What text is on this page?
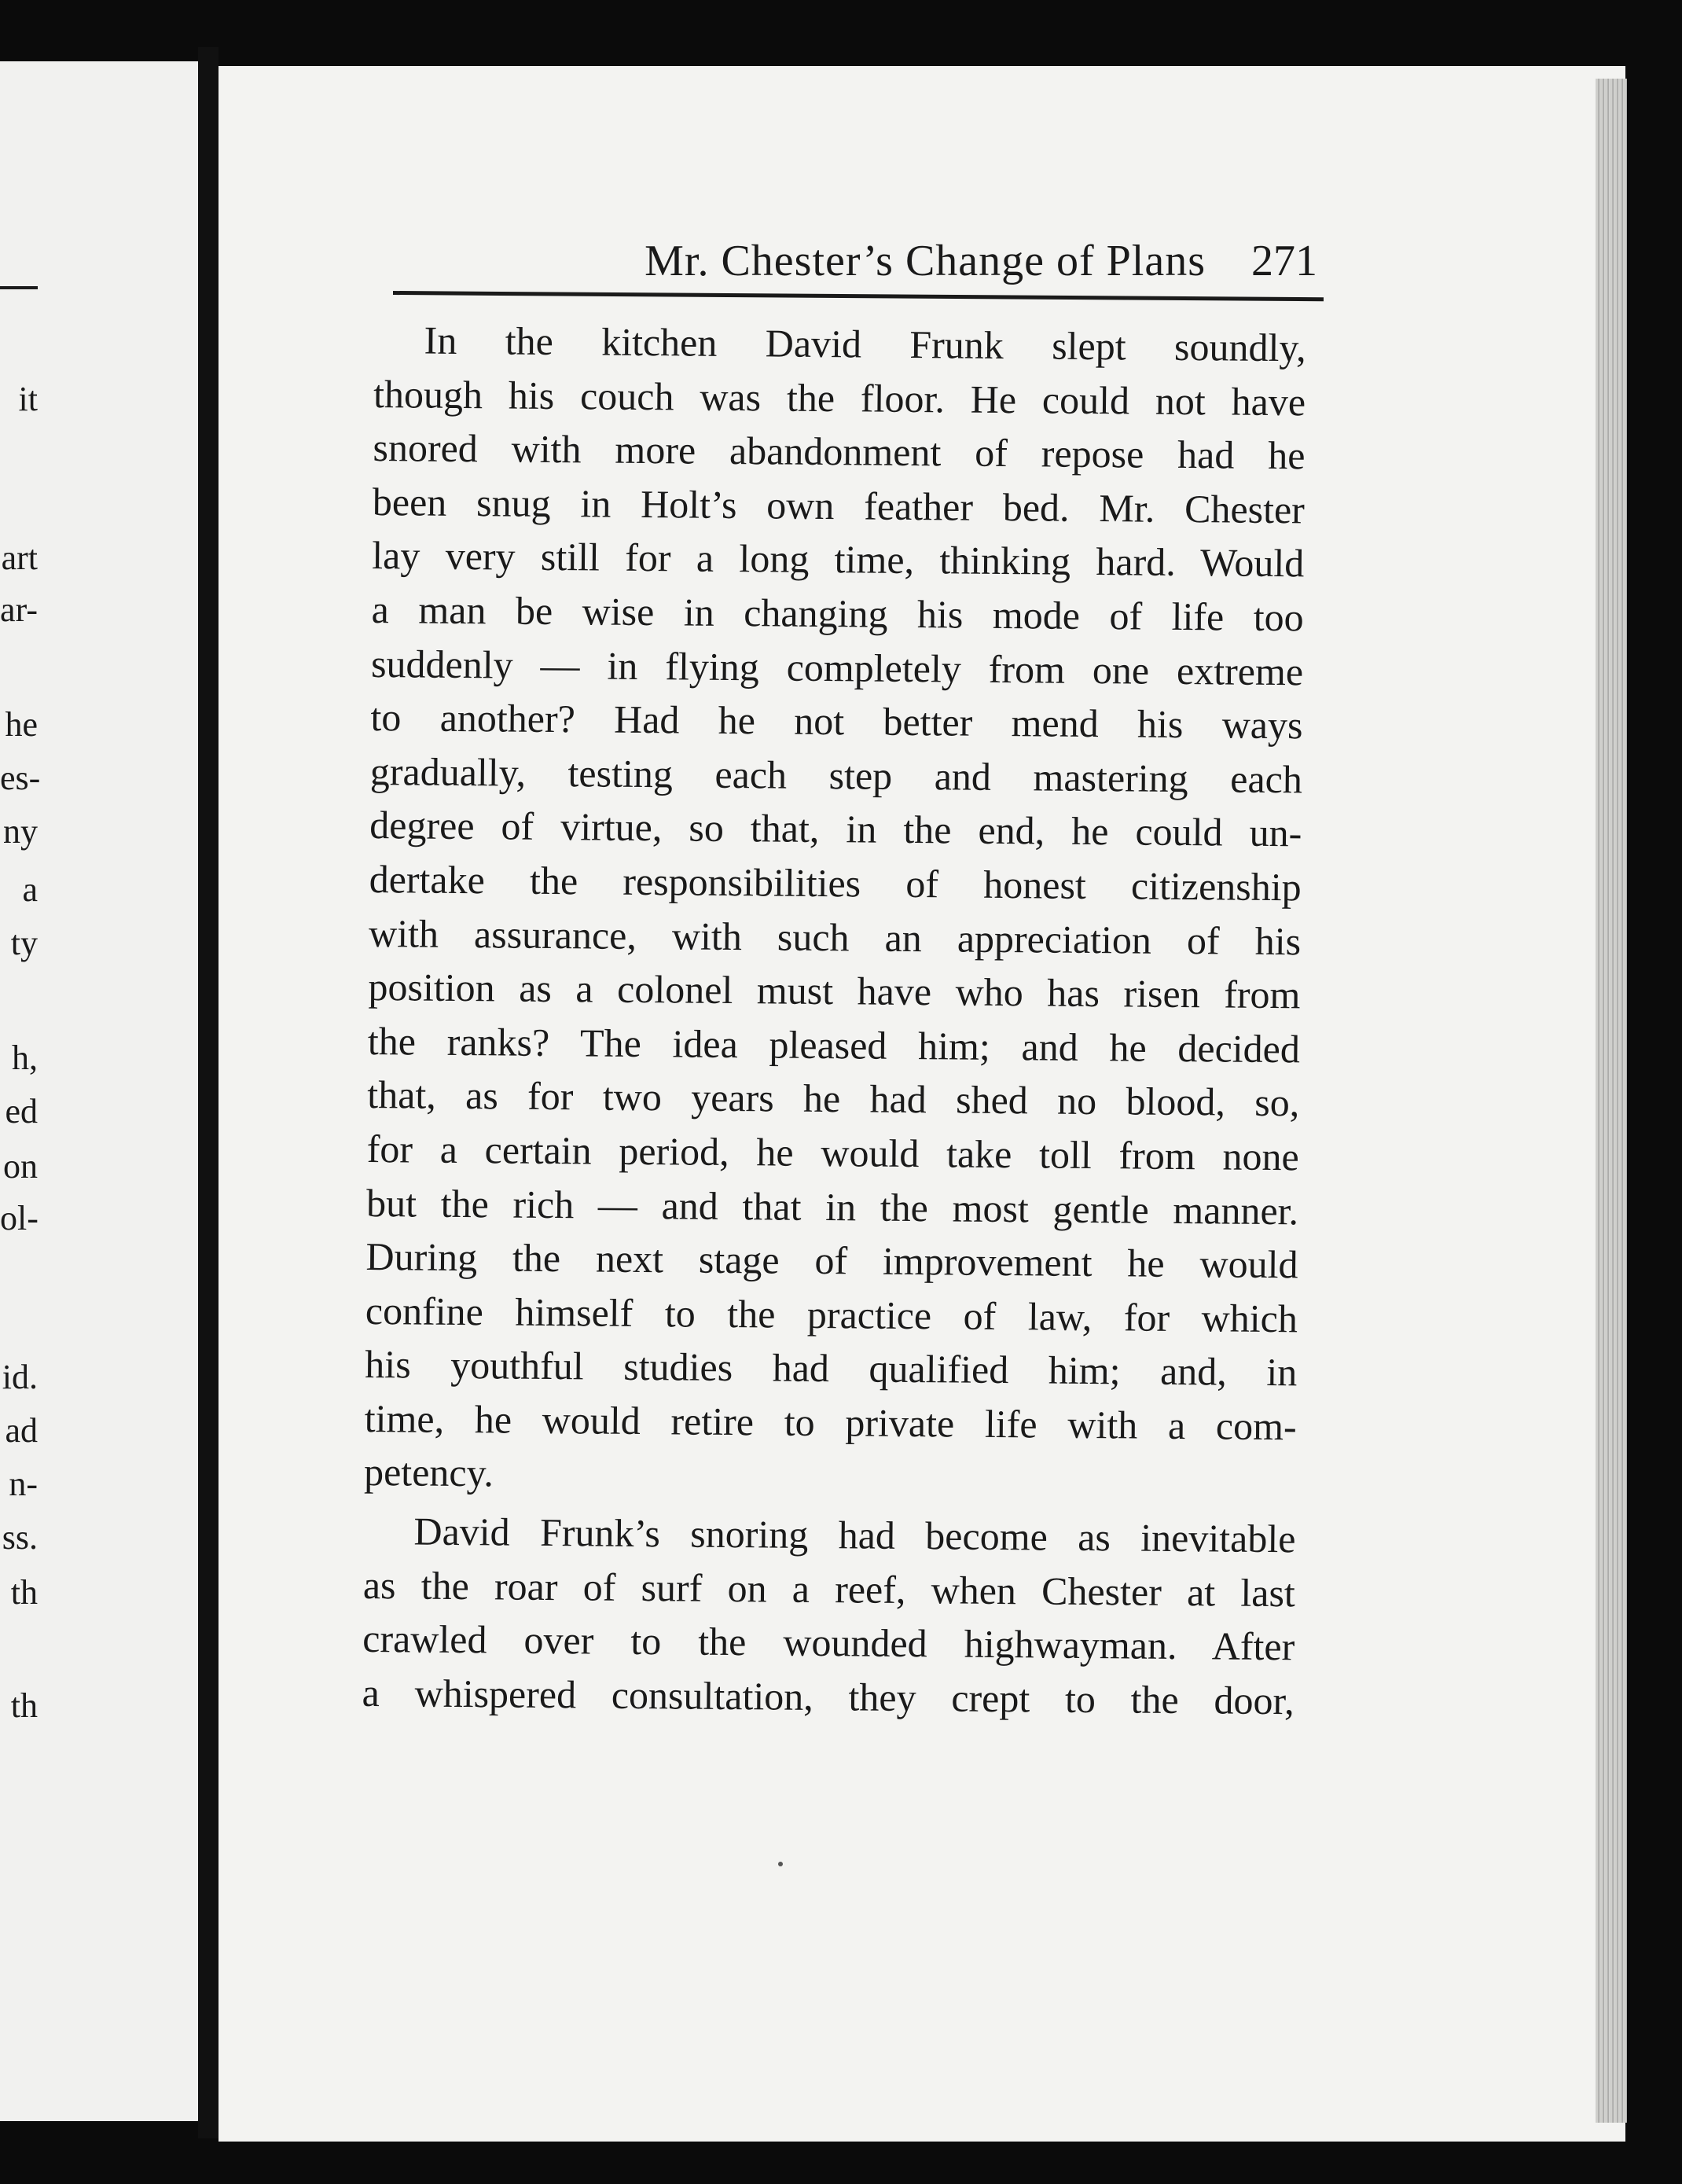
it
art
ar-
he
es-
ny
a
ty
h,
ed
on
ol-
id.
ad
n-
ss.
th
th
Mr. Chester’s Change of Plans 271
In the kitchen David Frunk slept soundly,
though his couch was the floor. He could not have
snored with more abandonment of repose had he
been snug in Holt’s own feather bed. Mr. Chester
lay very still for a long time, thinking hard. Would
a man be wise in changing his mode of life too
suddenly — in flying completely from one extreme
to another? Had he not better mend his ways
gradually, testing each step and mastering each
degree of virtue, so that, in the end, he could un-
dertake the responsibilities of honest citizenship
with assurance, with such an appreciation of his
position as a colonel must have who has risen from
the ranks? The idea pleased him; and he decided
that, as for two years he had shed no blood, so,
for a certain period, he would take toll from none
but the rich — and that in the most gentle manner.
During the next stage of improvement he would
confine himself to the practice of law, for which
his youthful studies had qualified him; and, in
time, he would retire to private life with a com-
petency.
David Frunk’s snoring had become as inevitable
as the roar of surf on a reef, when Chester at last
crawled over to the wounded highwayman. After
a whispered consultation, they crept to the door,
